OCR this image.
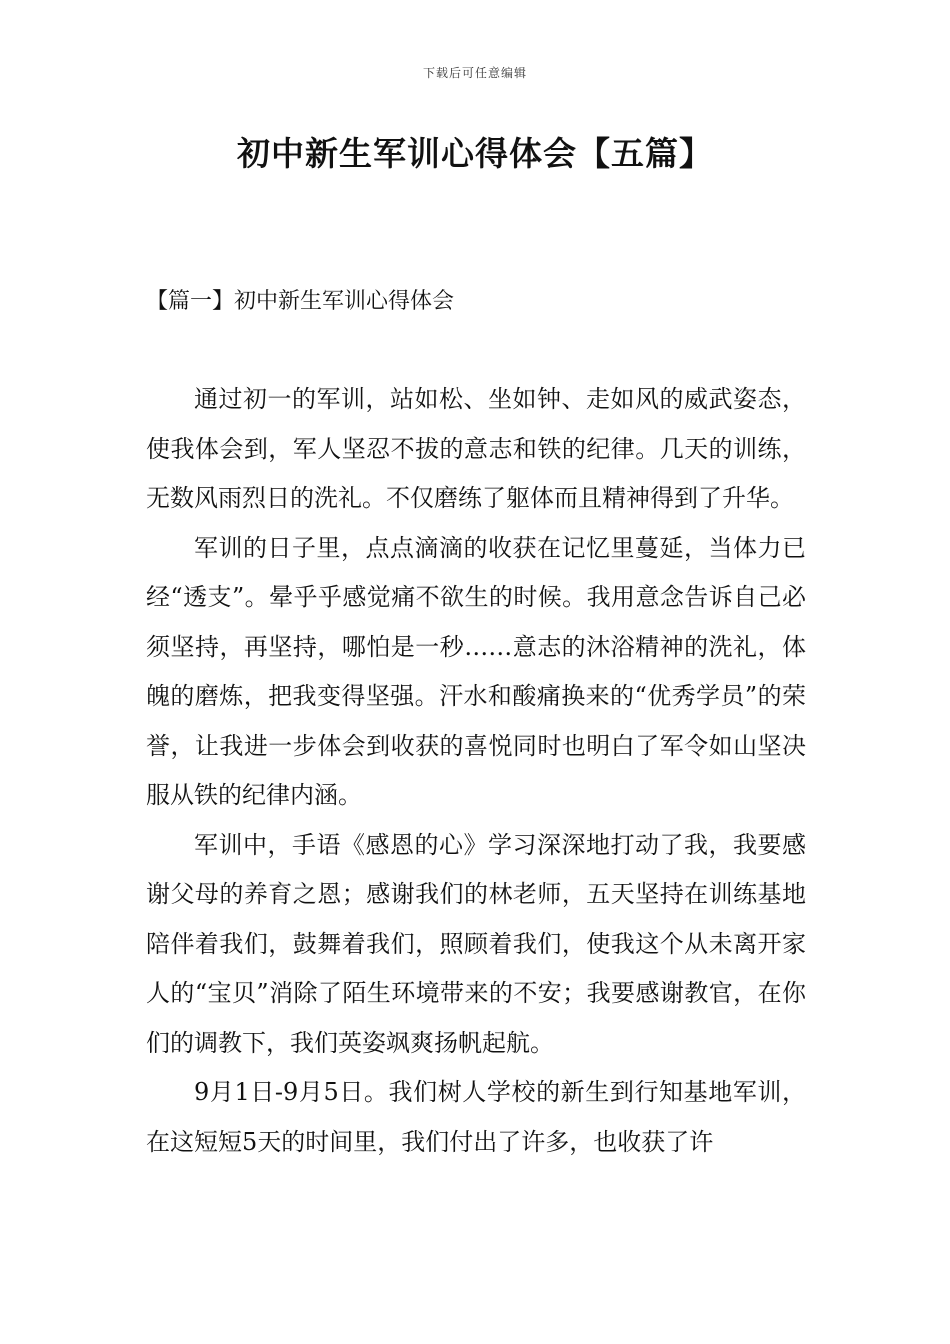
下载后可任意编辑
初中新生军训心得体会【五篇】
【篇一】初中新生军训心得体会

通过初一的军训，站如松、坐如钟、走如风的威武姿态，使我体会到，军人坚忍不拔的意志和铁的纪律。几天的训练，无数风雨烈日的洗礼。不仅磨练了躯体而且精神得到了升华。

军训的日子里，点点滴滴的收获在记忆里蔓延，当体力已经“透支”。晕乎乎感觉痛不欲生的时候。我用意念告诉自己必须坚持，再坚持，哪怕是一秒……意志的沐浴精神的洗礼，体魄的磨炼，把我变得坚强。汗水和酸痛换来的“优秀学员”的荣誉，让我进一步体会到收获的喜悦同时也明白了军令如山坚决服从铁的纪律内涵。

军训中，手语《感恩的心》学习深深地打动了我，我要感谢父母的养育之恩；感谢我们的林老师，五天坚持在训练基地陪伴着我们，鼓舞着我们，照顾着我们，使我这个从未离开家人的“宝贝”消除了陌生环境带来的不安；我要感谢教官，在你们的调教下，我们英姿飒爽扬帆起航。

9月1日-9月5日。我们树人学校的新生到行知基地军训，在这短短5天的时间里，我们付出了许多，也收获了许
